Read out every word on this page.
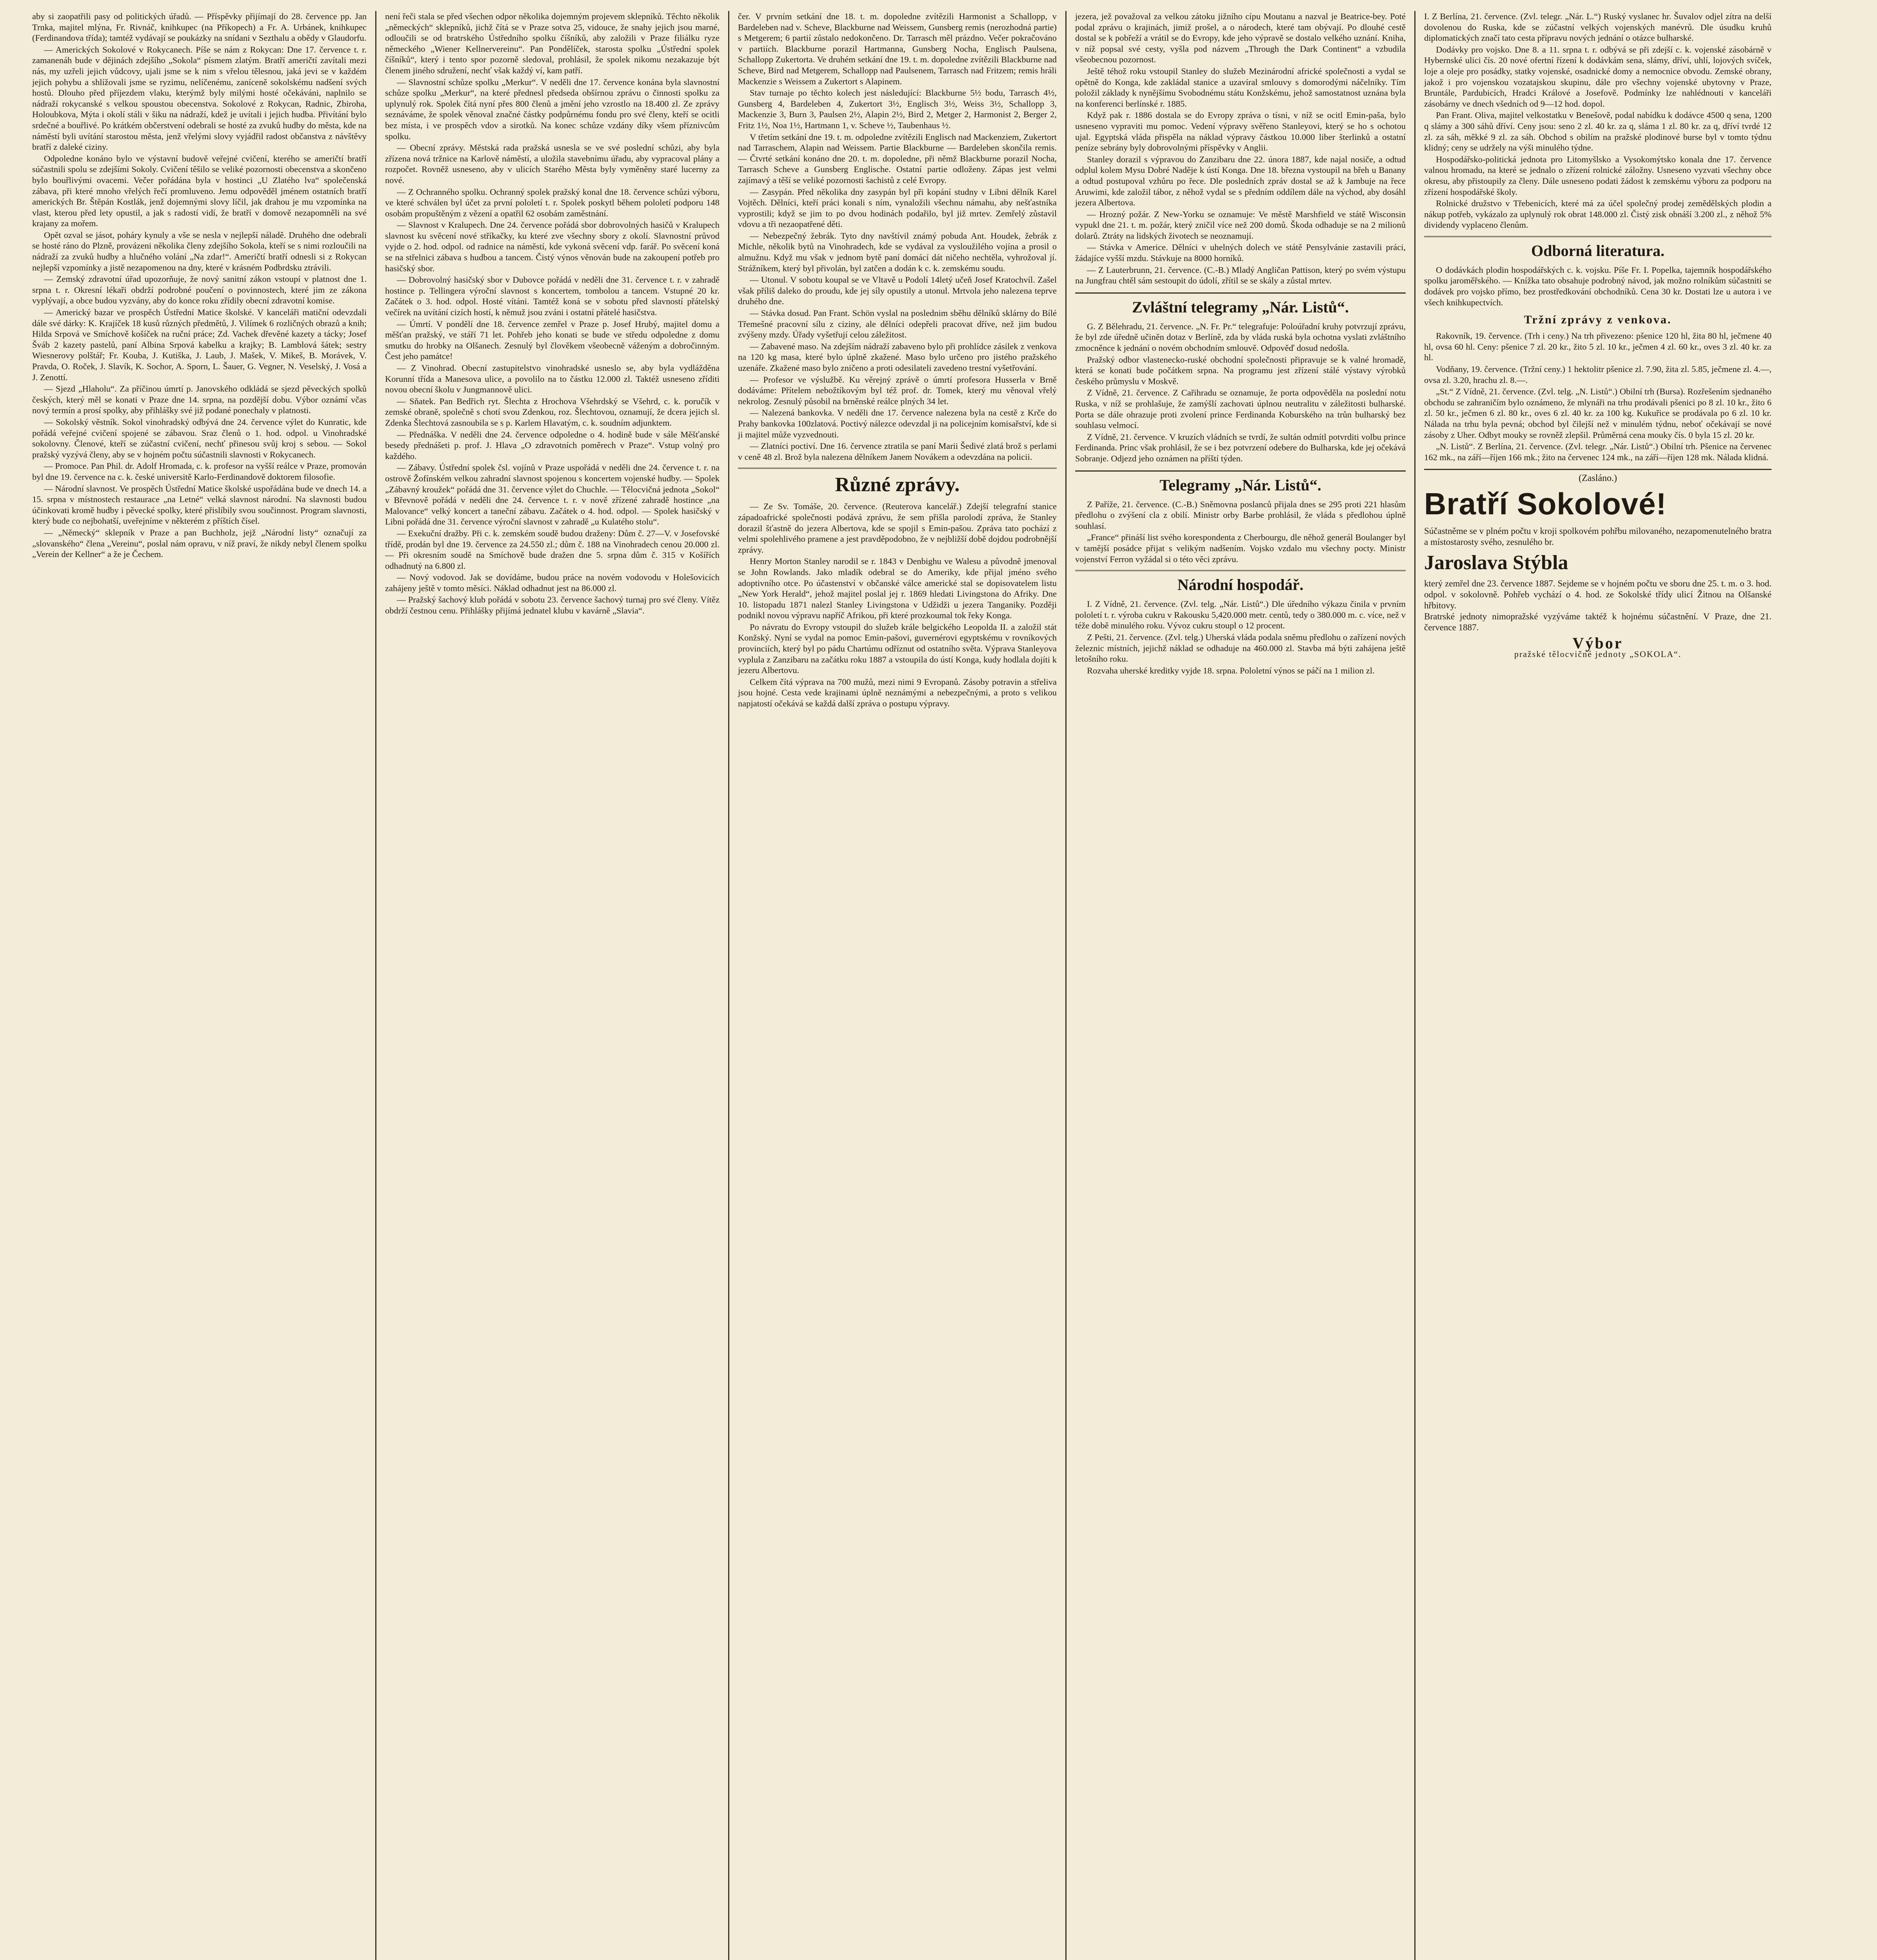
aby si zaopatřili pasy od politických úřadů. — Příspěvky přijímají do 28. července pp. Jan Trnka, majitel mlýna, Fr. Rivnáč, knihkupec (na Příkopech) a Fr. A. Urbánek, knihkupec (Ferdinandova třída); tamtéž vydávají se poukázky na snídani v Sezthalu a obědy v Glaudorfu.

— Amerických Sokolové v Rokycanech. Píše se nám z Rokycan: Dne 17. července t. r. zamanenáh bude v dějinách zdejšího „Sokola“ písmem zlatým. Bratří američtí zavítali mezi nás, my uzřeli jejich vůdcovy, ujali jsme se k nim s vřelou tělesnou, jaká jevi se v každém jejich pohybu a shlížovali jsme se ryzimu, nelíčenému, zaníceně sokolskému nadšení svých hostů. Dlouho před příjezdem vlaku, kterýmž byly milými hosté očekáváni, naplnilo se nádraží rokycanské s velkou spoustou obecenstva. Sokolové z Rokycan, Radnic, Zbiroha, Holoubkova, Mýta i okolí stáli v šiku na nádraží, kdež je uvítali i jejich hudba. Přivítání bylo srdečné a bouřlivé. Po krátkém občerstvení odebrali se hosté za zvuků hudby do města, kde na náměstí byli uvítání starostou města, jenž vřelými slovy vyjádřil radost občanstva z návštěvy bratří z daleké ciziny.

Odpoledne konáno bylo ve výstavní budově veřejné cvičení, kterého se američtí bratří súčastnili spolu se zdejšími Sokoly. Cvičení těšilo se veliké pozornosti obecenstva a skončeno bylo bouřlivými ovacemi. Večer pořádána byla v hostinci „U Zlatého lva“ společenská zábava, při které mnoho vřelých řečí promluveno. Jemu odpověděl jménem ostatních bratří amerických Br. Štěpán Kostlák, jenž dojemnými slovy líčil, jak drahou je mu vzpomínka na vlast, kterou před lety opustil, a jak s radostí vidí, že bratří v domově nezapomněli na své krajany za mořem.

Opět ozval se jásot, poháry kynuly a vše se nesla v nejlepší náladě. Druhého dne odebrali se hosté ráno do Plzně, provázeni několika členy zdejšího Sokola, kteří se s nimi rozloučili na nádraží za zvuků hudby a hlučného volání „Na zdar!“. Američtí bratří odnesli si z Rokycan nejlepší vzpomínky a jistě nezapomenou na dny, které v krásném Podbrdsku ztrávili.

— Zemský zdravotní úřad upozorňuje, že nový sanitní zákon vstoupí v platnost dne 1. srpna t. r. Okresní lékaři obdrží podrobné poučení o povinnostech, které jim ze zákona vyplývají, a obce budou vyzvány, aby do konce roku zřídily obecní zdravotní komise.

— Americký bazar ve prospěch Ústřední Matice školské. V kanceláři matiční odevzdali dále své dárky: K. Krajíček 18 kusů různých předmětů, J. Vilímek 6 rozličných obrazů a knih; Hilda Srpová ve Smíchově košíček na ruční práce; Zd. Vachek dřevěné kazety a tácky; Josef Šváb 2 kazety pastelů, paní Albina Srpová kabelku a krajky; B. Lamblová šátek; sestry Wiesnerovy polštář; Fr. Kouba, J. Kutiška, J. Laub, J. Mašek, V. Mikeš, B. Morávek, V. Pravda, O. Roček, J. Slavík, K. Sochor, A. Sporn, L. Šauer, G. Vegner, N. Veselský, J. Vosá a J. Zenottí.

— Sjezd „Hlaholu“. Za příčinou úmrtí p. Janovského odkládá se sjezd pěveckých spolků českých, který měl se konati v Praze dne 14. srpna, na pozdější dobu. Výbor oznámí včas nový termín a prosí spolky, aby přihlášky své již podané ponechaly v platnosti.

— Sokolský věstník. Sokol vinohradský odbývá dne 24. července výlet do Kunratic, kde pořádá veřejné cvičení spojené se zábavou. Sraz členů o 1. hod. odpol. u Vinohradské sokolovny. Členové, kteří se zúčastní cvičení, nechť přinesou svůj kroj s sebou. — Sokol pražský vyzývá členy, aby se v hojném počtu súčastnili slavnosti v Rokycanech.

— Promoce. Pan Phil. dr. Adolf Hromada, c. k. profesor na vyšší reálce v Praze, promován byl dne 19. července na c. k. české universitě Karlo-Ferdinandově doktorem filosofie.

— Národní slavnost. Ve prospěch Ústřední Matice školské uspořádána bude ve dnech 14. a 15. srpna v místnostech restaurace „na Letné“ velká slavnost národní. Na slavnosti budou účinkovati kromě hudby i pěvecké spolky, které přislíbily svou součinnost. Program slavnosti, který bude co nejbohatší, uveřejníme v některém z příštích čísel.

— „Německý“ sklepník v Praze a pan Buchholz, jejž „Národní listy“ označují za „slovanského“ člena „Vereinu“, poslal nám opravu, v níž praví, že nikdy nebyl členem spolku „Verein der Kellner“ a že je Čechem.

není řeči stala se před všechen odpor několika dojemným projevem sklepníků. Těchto několik „německých“ sklepníků, jichž čítá se v Praze sotva 25, vidouce, že snahy jejich jsou marné, odloučili se od bratrského Ústředního spolku číšníků, aby založili v Praze filiálku ryze německého „Wiener Kellnervereinu“. Pan Pondělíček, starosta spolku „Ústřední spolek číšníků“, který i tento spor pozorně sledoval, prohlásil, že spolek nikomu nezakazuje být členem jiného sdružení, nechť však každý ví, kam patří.

— Slavnostní schůze spolku „Merkur“. V neděli dne 17. července konána byla slavnostní schůze spolku „Merkur“, na které přednesl předseda obšírnou zprávu o činnosti spolku za uplynulý rok. Spolek čítá nyní přes 800 členů a jmění jeho vzrostlo na 18.400 zl. Ze zprávy seznáváme, že spolek věnoval značné částky podpůrnému fondu pro své členy, kteří se ocitli bez místa, i ve prospěch vdov a sirotků. Na konec schůze vzdány díky všem příznivcům spolku.

— Obecní zprávy. Městská rada pražská usnesla se ve své poslední schůzi, aby byla zřízena nová tržnice na Karlově náměstí, a uložila stavebnímu úřadu, aby vypracoval plány a rozpočet. Rovněž usneseno, aby v ulicích Starého Města byly vyměněny staré lucerny za nové.

— Z Ochranného spolku. Ochranný spolek pražský konal dne 18. července schůzi výboru, ve které schválen byl účet za první pololetí t. r. Spolek poskytl během pololetí podporu 148 osobám propuštěným z vězení a opatřil 62 osobám zaměstnání.

— Slavnost v Kralupech. Dne 24. července pořádá sbor dobrovolných hasičů v Kralupech slavnost ku svěcení nové stříkačky, ku které zve všechny sbory z okolí. Slavnostní průvod vyjde o 2. hod. odpol. od radnice na náměstí, kde vykoná svěcení vdp. farář. Po svěcení koná se na střelnici zábava s hudbou a tancem. Čistý výnos věnován bude na zakoupení potřeb pro hasičský sbor.

— Dobrovolný hasičský sbor v Dubovce pořádá v neděli dne 31. července t. r. v zahradě hostince p. Tellingera výroční slavnost s koncertem, tombolou a tancem. Vstupné 20 kr. Začátek o 3. hod. odpol. Hosté vítáni. Tamtéž koná se v sobotu před slavností přátelský večírek na uvítání cizích hostí, k němuž jsou zváni i ostatní přátelé hasičstva.

— Úmrtí. V pondělí dne 18. července zemřel v Praze p. Josef Hrubý, majitel domu a měšťan pražský, ve stáří 71 let. Pohřeb jeho konati se bude ve středu odpoledne z domu smutku do hrobky na Olšanech. Zesnulý byl člověkem všeobecně váženým a dobročinným. Čest jeho památce!

— Z Vinohrad. Obecní zastupitelstvo vinohradské usneslo se, aby byla vydlážděna Korunní třída a Manesova ulice, a povolilo na to částku 12.000 zl. Taktéž usneseno zříditi novou obecní školu v Jungmannově ulici.

— Sňatek. Pan Bedřich ryt. Šlechta z Hrochova Všehrdský se Všehrd, c. k. poručík v zemské obraně, společně s chotí svou Zdenkou, roz. Šlechtovou, oznamují, že dcera jejich sl. Zdenka Šlechtová zasnoubila se s p. Karlem Hlavatým, c. k. soudním adjunktem.

— Přednáška. V neděli dne 24. července odpoledne o 4. hodině bude v sále Měšťanské besedy přednášeti p. prof. J. Hlava „O zdravotních poměrech v Praze“. Vstup volný pro každého.

— Zábavy. Ústřední spolek čsl. vojínů v Praze uspořádá v neděli dne 24. července t. r. na ostrově Žofínském velkou zahradní slavnost spojenou s koncertem vojenské hudby. — Spolek „Zábavný kroužek“ pořádá dne 31. července výlet do Chuchle. — Tělocvičná jednota „Sokol“ v Břevnově pořádá v neděli dne 24. července t. r. v nově zřízené zahradě hostince „na Malovance“ velký koncert a taneční zábavu. Začátek o 4. hod. odpol. — Spolek hasičský v Libni pořádá dne 31. července výroční slavnost v zahradě „u Kulatého stolu“.

— Exekuční dražby. Při c. k. zemském soudě budou draženy: Dům č. 27—V. v Josefovské třídě, prodán byl dne 19. července za 24.550 zl.; dům č. 188 na Vinohradech cenou 20.000 zl. — Při okresním soudě na Smíchově bude dražen dne 5. srpna dům č. 315 v Košířích odhadnutý na 6.800 zl.

— Nový vodovod. Jak se dovídáme, budou práce na novém vodovodu v Holešovicích zahájeny ještě v tomto měsíci. Náklad odhadnut jest na 86.000 zl.

— Pražský šachový klub pořádá v sobotu 23. července šachový turnaj pro své členy. Vítěz obdrží čestnou cenu. Přihlášky přijímá jednatel klubu v kavárně „Slavia“.

čer. V prvním setkání dne 18. t. m. dopoledne zvítězili Harmonist a Schallopp, v Bardeleben nad v. Scheve, Blackburne nad Weissem, Gunsberg remis (nerozhodná partie) s Metgerem; 6 partií zůstalo nedokončeno. Dr. Tarrasch měl prázdno. Večer pokračováno v partiích. Blackburne porazil Hartmanna, Gunsberg Nocha, Englisch Paulsena, Schallopp Zukertorta. Ve druhém setkání dne 19. t. m. dopoledne zvítězili Blackburne nad Scheve, Bird nad Metgerem, Schallopp nad Paulsenem, Tarrasch nad Fritzem; remis hráli Mackenzie s Weissem a Zukertort s Alapinem.

Stav turnaje po těchto kolech jest následující: Blackburne 5½ bodu, Tarrasch 4½, Gunsberg 4, Bardeleben 4, Zukertort 3½, Englisch 3½, Weiss 3½, Schallopp 3, Mackenzie 3, Burn 3, Paulsen 2½, Alapin 2½, Bird 2, Metger 2, Harmonist 2, Berger 2, Fritz 1½, Noa 1½, Hartmann 1, v. Scheve ½, Taubenhaus ½.

V třetím setkání dne 19. t. m. odpoledne zvítězili Englisch nad Mackenziem, Zukertort nad Tarraschem, Alapin nad Weissem. Partie Blackburne — Bardeleben skončila remis. — Čtvrté setkání konáno dne 20. t. m. dopoledne, při němž Blackburne porazil Nocha, Tarrasch Scheve a Gunsberg Englische. Ostatní partie odloženy. Zápas jest velmi zajímavý a těší se veliké pozornosti šachistů z celé Evropy.

— Zasypán. Před několika dny zasypán byl při kopání studny v Libni dělník Karel Vojtěch. Dělníci, kteří práci konali s ním, vynaložili všechnu námahu, aby nešťastníka vyprostili; když se jim to po dvou hodinách podařilo, byl již mrtev. Zemřelý zůstavil vdovu a tři nezaopatřené děti.

— Nebezpečný žebrák. Tyto dny navštívil známý pobuda Ant. Houdek, žebrák z Michle, několik bytů na Vinohradech, kde se vydával za vysloužilého vojína a prosil o almužnu. Když mu však v jednom bytě paní domácí dát ničeho nechtěla, vyhrožoval jí. Strážníkem, který byl přivolán, byl zatčen a dodán k c. k. zemskému soudu.

— Utonul. V sobotu koupal se ve Vltavě u Podolí 14letý učeň Josef Kratochvíl. Zašel však příliš daleko do proudu, kde jej síly opustily a utonul. Mrtvola jeho nalezena teprve druhého dne.

— Stávka dosud. Pan Frant. Schön vyslal na poslednim sběhu dělníků sklárny do Bílé Třemešné pracovní sílu z ciziny, ale dělníci odepřeli pracovat dříve, než jim budou zvýšeny mzdy. Úřady vyšetřují celou záležitost.

— Zabavené maso. Na zdejším nádraží zabaveno bylo při prohlídce zásilek z venkova na 120 kg masa, které bylo úplně zkažené. Maso bylo určeno pro jistého pražského uzenáře. Zkažené maso bylo zničeno a proti odesilateli zavedeno trestní vyšetřování.

— Profesor ve výslužbě. Ku věrejný zprávě o úmrtí profesora Husserla v Brně dodáváme: Přítelem nebožtíkovým byl též prof. dr. Tomek, který mu věnoval vřelý nekrolog. Zesnulý působil na brněnské reálce plných 34 let.

— Nalezená bankovka. V neděli dne 17. července nalezena byla na cestě z Krče do Prahy bankovka 100zlatová. Poctivý nálezce odevzdal ji na policejním komisařství, kde si ji majitel může vyzvednouti.

— Zlatníci poctiví. Dne 16. července ztratila se paní Marii Šedivé zlatá brož s perlami v ceně 48 zl. Brož byla nalezena dělníkem Janem Novákem a odevzdána na policii.

Různé zprávy.

— Ze Sv. Tomáše, 20. července. (Reuterova kancelář.) Zdejší telegrafní stanice západoafrické společnosti podává zprávu, že sem přišla parolodí zpráva, že Stanley dorazil šťastně do jezera Albertova, kde se spojil s Emin-pašou. Zpráva tato pochází z velmi spolehlivého pramene a jest pravděpodobno, že v nejbližší době dojdou podrobnější zprávy.

Henry Morton Stanley narodil se r. 1843 v Denbighu ve Walesu a původně jmenoval se John Rowlands. Jako mladík odebral se do Ameriky, kde přijal jméno svého adoptivního otce. Po účastenství v občanské válce americké stal se dopisovatelem listu „New York Herald“, jehož majitel poslal jej r. 1869 hledati Livingstona do Afriky. Dne 10. listopadu 1871 nalezl Stanley Livingstona v Udžidži u jezera Tanganiky. Později podnikl novou výpravu napříč Afrikou, při které prozkoumal tok řeky Konga.

Po návratu do Evropy vstoupil do služeb krále belgického Leopolda II. a založil stát Konžský. Nyní se vydal na pomoc Emin-pašovi, guvernérovi egyptskému v rovníkových provinciích, který byl po pádu Chartúmu odříznut od ostatního světa. Výprava Stanleyova vyplula z Zanzibaru na začátku roku 1887 a vstoupila do ústí Konga, kudy hodlala dojíti k jezeru Albertovu.

Celkem čítá výprava na 700 mužů, mezi nimi 9 Evropanů. Zásoby potravin a střeliva jsou hojné. Cesta vede krajinami úplně neznámými a nebezpečnými, a proto s velikou napjatostí očekává se každá další zpráva o postupu výpravy.

jezera, jež považoval za velkou zátoku jižního cípu Moutanu a nazval je Beatrice-bey. Poté podal zprávu o krajinách, jimiž prošel, a o národech, které tam obývají. Po dlouhé cestě dostal se k pobřeží a vrátil se do Evropy, kde jeho výpravě se dostalo velkého uznání. Kniha, v níž popsal své cesty, vyšla pod názvem „Through the Dark Continent“ a vzbudila všeobecnou pozornost.

Ještě téhož roku vstoupil Stanley do služeb Mezinárodní africké společnosti a vydal se opětně do Konga, kde zakládal stanice a uzavíral smlouvy s domorodými náčelníky. Tím položil základy k nynějšímu Svobodnému státu Konžskému, jehož samostatnost uznána byla na konferenci berlínské r. 1885.

Když pak r. 1886 dostala se do Evropy zpráva o tísni, v níž se ocitl Emin-paša, bylo usneseno vypraviti mu pomoc. Vedení výpravy svěřeno Stanleyovi, který se ho s ochotou ujal. Egyptská vláda přispěla na náklad výpravy částkou 10.000 liber šterlinků a ostatní peníze sebrány byly dobrovolnými příspěvky v Anglii.

Stanley dorazil s výpravou do Zanzibaru dne 22. února 1887, kde najal nosiče, a odtud odplul kolem Mysu Dobré Naděje k ústí Konga. Dne 18. března vystoupil na břeh u Banany a odtud postupoval vzhůru po řece. Dle posledních zpráv dostal se až k Jambuje na řece Aruwimi, kde založil tábor, z něhož vydal se s předním oddílem dále na východ, aby dosáhl jezera Albertova.

— Hrozný požár. Z New-Yorku se oznamuje: Ve městě Marshfield ve státě Wisconsin vypukl dne 21. t. m. požár, který zničil více než 200 domů. Škoda odhaduje se na 2 milionů dolarů. Ztráty na lidských životech se neoznamují.

— Stávka v Americe. Dělníci v uhelných dolech ve státě Pensylvánie zastavili práci, žádajíce vyšší mzdu. Stávkuje na 8000 horníků.

— Z Lauterbrunn, 21. července. (C.-B.) Mladý Angličan Pattison, který po svém výstupu na Jungfrau chtěl sám sestoupit do údolí, zřítil se se skály a zůstal mrtev.

Zvláštní telegramy „Nár. Listů“.

G. Z Bělehradu, 21. července. „N. Fr. Pr.“ telegrafuje: Poloúřadní kruhy potvrzují zprávu, že byl zde úředně učiněn dotaz v Berlíně, zda by vláda ruská byla ochotna vyslati zvláštního zmocněnce k jednání o novém obchodním smlouvě. Odpověď dosud nedošla.

Pražský odbor vlastenecko-ruské obchodní společnosti připravuje se k valné hromadě, která se konati bude počátkem srpna. Na programu jest zřízení stálé výstavy výrobků českého průmyslu v Moskvě.

Z Vídně, 21. července. Z Cařihradu se oznamuje, že porta odpověděla na poslední notu Ruska, v níž se prohlašuje, že zamýšlí zachovati úplnou neutralitu v záležitosti bulharské. Porta se dále ohrazuje proti zvolení prince Ferdinanda Koburského na trůn bulharský bez souhlasu velmocí.

Z Vídně, 21. července. V kruzích vládních se tvrdí, že sultán odmítl potvrditi volbu prince Ferdinanda. Princ však prohlásil, že se i bez potvrzení odebere do Bulharska, kde jej očekává Sobranje. Odjezd jeho oznámen na příští týden.

Telegramy „Nár. Listů“.

Z Paříže, 21. července. (C.-B.) Sněmovna poslanců přijala dnes se 295 proti 221 hlasům předlohu o zvýšení cla z obilí. Ministr orby Barbe prohlásil, že vláda s předlohou úplně souhlasí.

„France“ přináší list svého korespondenta z Cherbourgu, dle něhož generál Boulanger byl v tamější posádce přijat s velikým nadšením. Vojsko vzdalo mu všechny pocty. Ministr vojenství Ferron vyžádal si o této věci zprávu.

Národní hospodář.

I. Z Vídně, 21. července. (Zvl. telg. „Nár. Listů“.) Dle úředního výkazu činila v prvním pololetí t. r. výroba cukru v Rakousku 5,420.000 metr. centů, tedy o 380.000 m. c. více, než v téže době minulého roku. Vývoz cukru stoupl o 12 procent.

Z Pešti, 21. července. (Zvl. telg.) Uherská vláda podala sněmu předlohu o zařízení nových železnic místních, jejichž náklad se odhaduje na 460.000 zl. Stavba má býti zahájena ještě letošního roku.

Rozvaha uherské kreditky vyjde 18. srpna. Pololetní výnos se páčí na 1 milion zl.

I. Z Berlína, 21. července. (Zvl. telegr. „Nár. L.“) Ruský vyslanec hr. Šuvalov odjel zítra na delší dovolenou do Ruska, kde se zúčastní velkých vojenských manévrů. Dle úsudku kruhů diplomatických značí tato cesta přípravu nových jednání o otázce bulharské.

Dodávky pro vojsko. Dne 8. a 11. srpna t. r. odbývá se při zdejší c. k. vojenské zásobárně v Hybernské ulici čís. 20 nové ofertní řízení k dodávkám sena, slámy, dříví, uhlí, lojových svíček, loje a oleje pro posádky, statky vojenské, osadnické domy a nemocnice obvodu. Zemské obrany, jakož i pro vojenskou vozatajskou skupinu, dále pro všechny vojenské ubytovny v Praze, Bruntále, Pardubicích, Hradci Králové a Josefově. Podmínky lze nahlédnouti v kanceláři zásobárny ve dnech všedních od 9—12 hod. dopol.

Pan Frant. Oliva, majitel velkostatku v Benešově, podal nabídku k dodávce 4500 q sena, 1200 q slámy a 300 sáhů dříví. Ceny jsou: seno 2 zl. 40 kr. za q, sláma 1 zl. 80 kr. za q, dříví tvrdé 12 zl. za sáh, měkké 9 zl. za sáh. Obchod s obilím na pražské plodinové burse byl v tomto týdnu klidný; ceny se udržely na výši minulého týdne.

Hospodářsko-politická jednota pro Litomyšlsko a Vysokomýtsko konala dne 17. července valnou hromadu, na které se jednalo o zřízení rolnické záložny. Usneseno vyzvati všechny obce okresu, aby přistoupily za členy. Dále usneseno podati žádost k zemskému výboru za podporu na zřízení hospodářské školy.

Rolnické družstvo v Třebenicích, které má za účel společný prodej zemědělských plodin a nákup potřeb, vykázalo za uplynulý rok obrat 148.000 zl. Čistý zisk obnáší 3.200 zl., z něhož 5% dividendy vyplaceno členům.

Odborná literatura.

O dodávkách plodin hospodářských c. k. vojsku. Píše Fr. I. Popelka, tajemník hospodářského spolku jaroměřského. — Knížka tato obsahuje podrobný návod, jak možno rolníkům súčastniti se dodávek pro vojsko přímo, bez prostředkování obchodníků. Cena 30 kr. Dostati lze u autora i ve všech knihkupectvích.

Tržní zprávy z venkova.

Rakovník, 19. července. (Trh i ceny.) Na trh přivezeno: pšenice 120 hl, žita 80 hl, ječmene 40 hl, ovsa 60 hl. Ceny: pšenice 7 zl. 20 kr., žito 5 zl. 10 kr., ječmen 4 zl. 60 kr., oves 3 zl. 40 kr. za hl.

Vodňany, 19. července. (Tržní ceny.) 1 hektolitr pšenice zl. 7.90, žita zl. 5.85, ječmene zl. 4.—, ovsa zl. 3.20, hrachu zl. 8.—.

„St.“ Z Vídně, 21. července. (Zvl. telg. „N. Listů“.) Obilní trh (Bursa). Rozřešením sjednaného obchodu se zahraničím bylo oznámeno, že mlynáři na trhu prodávali pšenici po 8 zl. 10 kr., žito 6 zl. 50 kr., ječmen 6 zl. 80 kr., oves 6 zl. 40 kr. za 100 kg. Kukuřice se prodávala po 6 zl. 10 kr. Nálada na trhu byla pevná; obchod byl čilejší než v minulém týdnu, neboť očekávají se nové zásoby z Uher. Odbyt mouky se rovněž zlepšil. Průměrná cena mouky čís. 0 byla 15 zl. 20 kr.

„N. Listů“. Z Berlína, 21. července. (Zvl. telegr. „Nár. Listů“.) Obilní trh. Pšenice na červenec 162 mk., na září—říjen 166 mk.; žito na červenec 124 mk., na září—říjen 128 mk. Nálada klidná.

(Zasláno.)
Bratří Sokolové!
Súčastněme se v plném počtu v kroji spolkovém pohřbu milovaného, nezapomenutelného bratra a místostarosty svého, zesnulého br.
Jaroslava Stýbla
který zemřel dne 23. července 1887. Sejdeme se v hojném počtu ve sboru dne 25. t. m. o 3. hod. odpol. v sokolovně. Pohřeb vychází o 4. hod. ze Sokolské třídy ulicí Žitnou na Olšanské hřbitovy.
Bratrské jednoty nimopražské vyzýváme taktéž k hojnému súčastnění. V Praze, dne 21. července 1887.
Výbor
pražské tělocvičné jednoty „SOKOLA“.
